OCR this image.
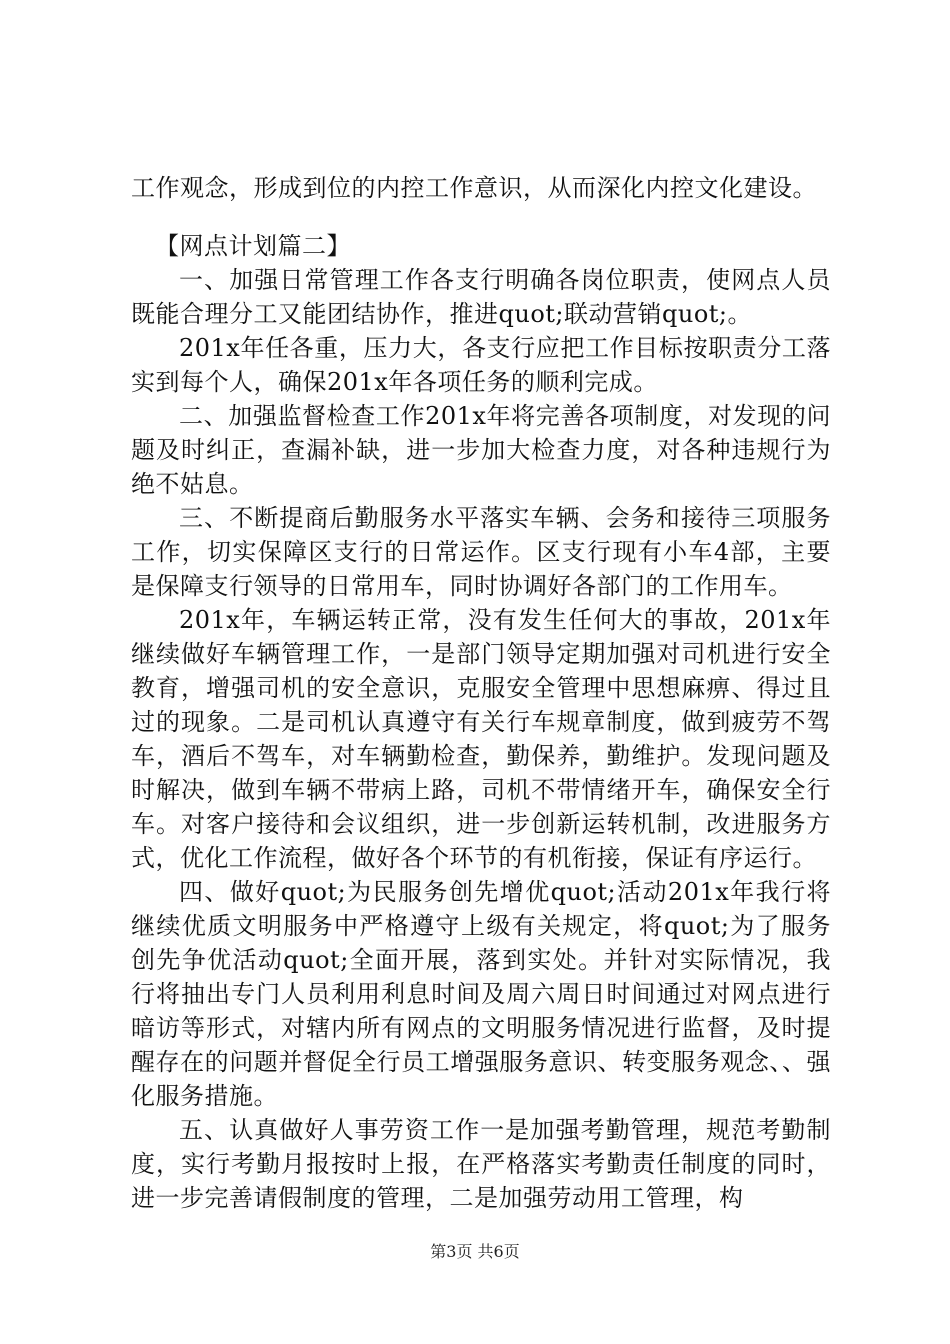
工作观念，形成到位的内控工作意识，从而深化内控文化建设。

【网点计划篇二】

一、加强日常管理工作各支行明确各岗位职责，使网点人员既能合理分工又能团结协作，推进quot;联动营销quot;。

201x年任各重，压力大，各支行应把工作目标按职责分工落实到每个人，确保201x年各项任务的顺利完成。

二、加强监督检查工作201x年将完善各项制度，对发现的问题及时纠正，查漏补缺，进一步加大检查力度，对各种违规行为绝不姑息。

三、不断提商后勤服务水平落实车辆、会务和接待三项服务工作，切实保障区支行的日常运作。区支行现有小车4部，主要是保障支行领导的日常用车，同时协调好各部门的工作用车。

201x年，车辆运转正常，没有发生任何大的事故，201x年继续做好车辆管理工作，一是部门领导定期加强对司机进行安全教育，增强司机的安全意识，克服安全管理中思想麻痹、得过且过的现象。二是司机认真遵守有关行车规章制度，做到疲劳不驾车，酒后不驾车，对车辆勤检查，勤保养，勤维护。发现问题及时解决，做到车辆不带病上路，司机不带情绪开车，确保安全行车。对客户接待和会议组织，进一步创新运转机制，改进服务方式，优化工作流程，做好各个环节的有机衔接，保证有序运行。

四、做好quot;为民服务创先增优quot;活动201x年我行将继续优质文明服务中严格遵守上级有关规定，将quot;为了服务创先争优活动quot;全面开展，落到实处。并针对实际情况，我行将抽出专门人员利用利息时间及周六周日时间通过对网点进行暗访等形式，对辖内所有网点的文明服务情况进行监督，及时提醒存在的问题并督促全行员工增强服务意识、转变服务观念、、强化服务措施。

五、认真做好人事劳资工作一是加强考勤管理，规范考勤制度，实行考勤月报按时上报，在严格落实考勤责任制度的同时，进一步完善请假制度的管理，二是加强劳动用工管理，构

第3页 共6页
